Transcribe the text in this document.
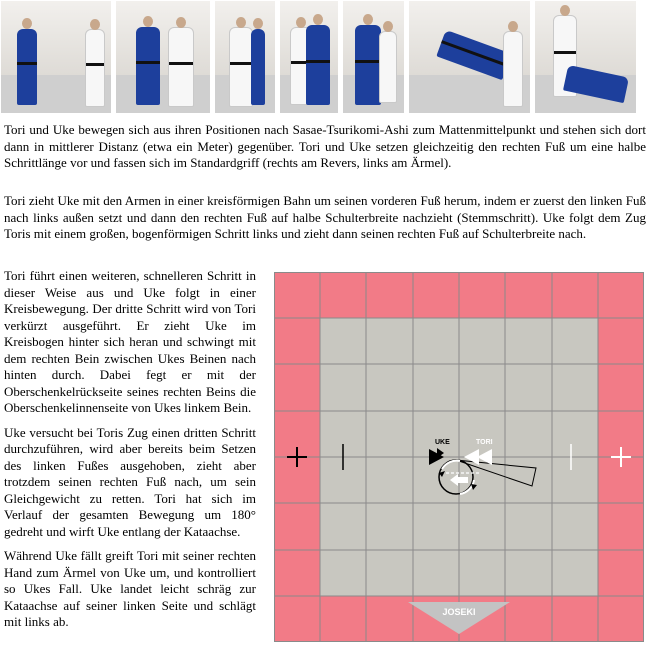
Tori und Uke bewegen sich aus ihren Positionen nach Sasae-Tsurikomi-Ashi zum Mattenmittelpunkt und stehen sich dort dann in mittlerer Distanz (etwa ein Meter) gegenüber. Tori und Uke setzen gleichzeitig den rechten Fuß um eine halbe Schrittlänge vor und fassen sich im Standardgriff (rechts am Revers, links am Ärmel).

Tori zieht Uke mit den Armen in einer kreisförmigen Bahn um seinen vorderen Fuß herum, indem er zuerst den linken Fuß nach links außen setzt und dann den rechten Fuß auf halbe Schulterbreite nachzieht (Stemmschritt). Uke folgt dem Zug Toris mit einem großen, bogenförmigen Schritt links und zieht dann seinen rechten Fuß auf Schulterbreite nach.

Tori führt einen weiteren, schnelleren Schritt in dieser Weise aus und Uke folgt in einer Kreisbewegung. Der dritte Schritt wird von Tori verkürzt ausgeführt. Er zieht Uke im Kreisbogen hinter sich heran und schwingt mit dem rechten Bein zwischen Ukes Beinen nach hinten durch. Dabei fegt er mit der Oberschenkelrückseite seines rechten Beins die Oberschenkelinnenseite von Ukes linkem Bein.

Uke versucht bei Toris Zug einen dritten Schritt durchzuführen, wird aber bereits beim Setzen des linken Fußes ausgehoben, zieht aber trotzdem seinen rechten Fuß nach, um sein Gleichgewicht zu retten. Tori hat sich im Verlauf der gesamten Bewegung um 180° gedreht und wirft Uke entlang der Kataachse.

Während Uke fällt greift Tori mit seiner rechten Hand zum Ärmel von Uke um, und kontrolliert so Ukes Fall. Uke landet leicht schräg zur Kataachse auf seiner linken Seite und schlägt mit links ab.

UKE	TORI
JOSEKI
